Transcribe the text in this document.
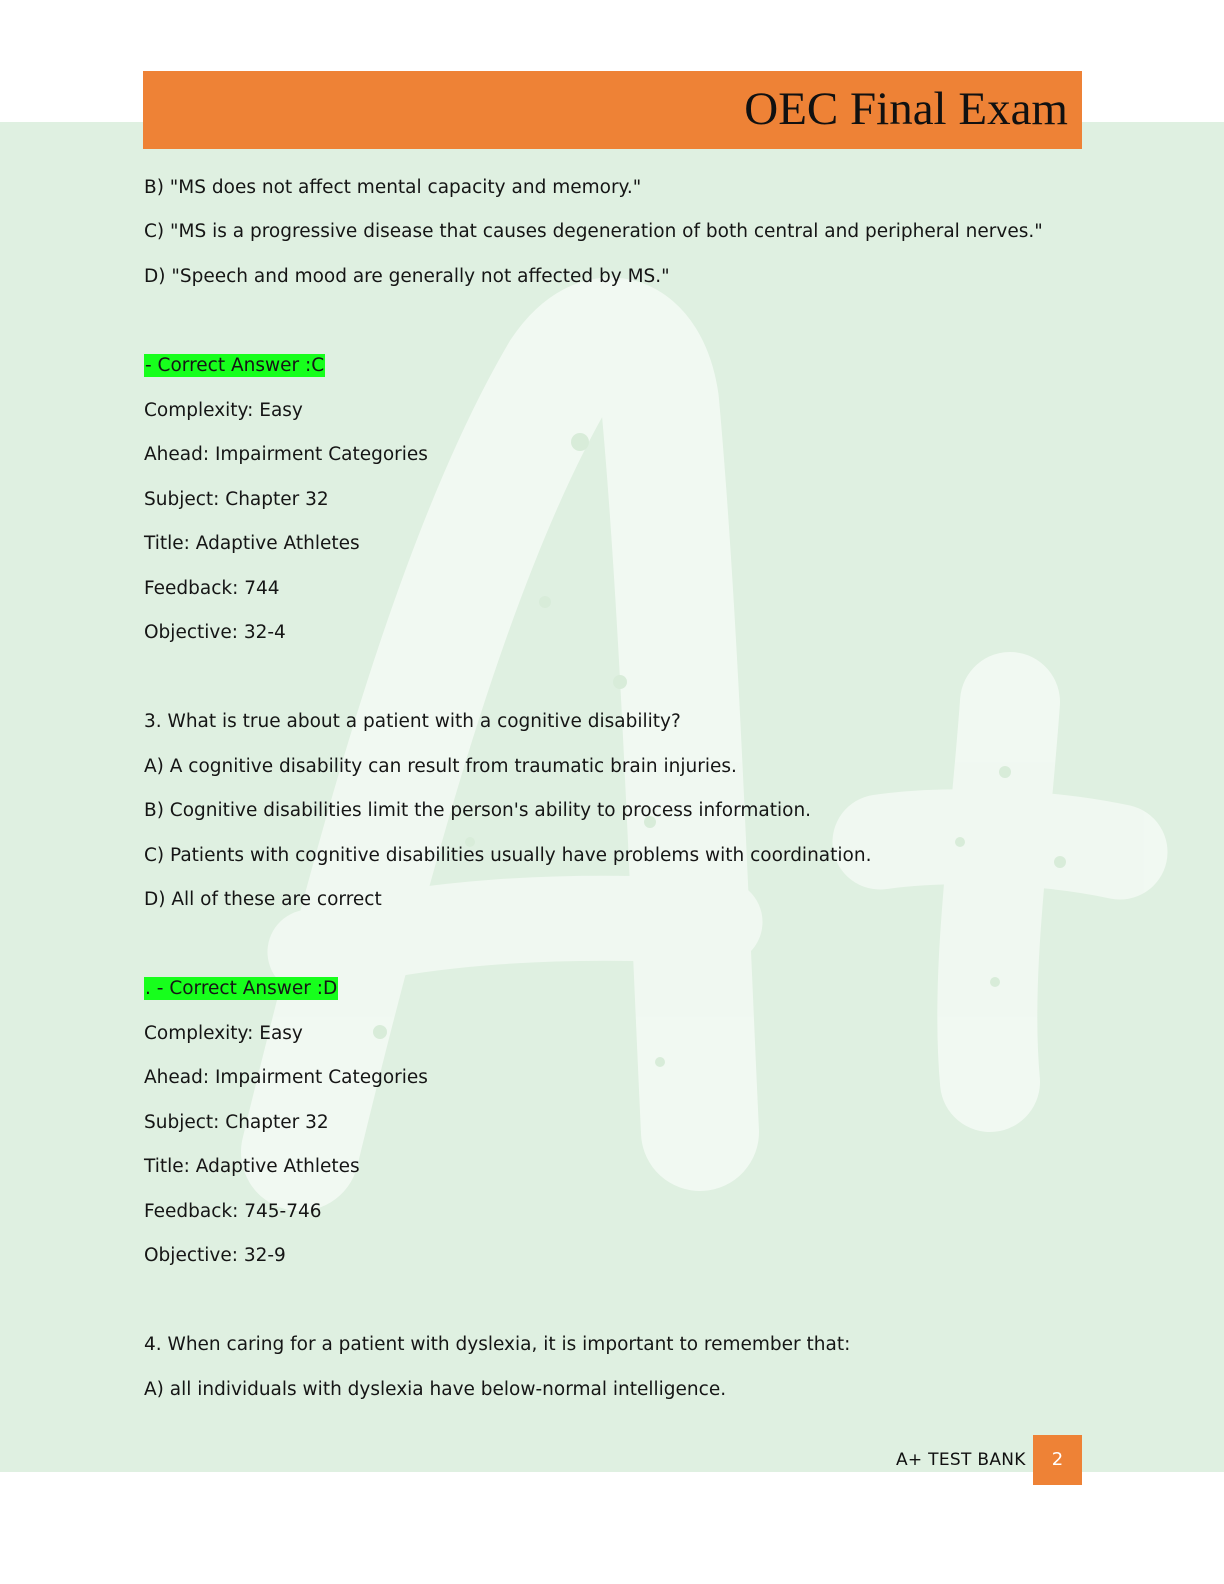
OEC Final Exam

B) "MS does not affect mental capacity and memory."

C) "MS is a progressive disease that causes degeneration of both central and peripheral nerves."

D) "Speech and mood are generally not affected by MS."

- Correct Answer :C

Complexity: Easy

Ahead: Impairment Categories

Subject: Chapter 32

Title: Adaptive Athletes

Feedback: 744

Objective: 32-4

3. What is true about a patient with a cognitive disability?

A) A cognitive disability can result from traumatic brain injuries.

B) Cognitive disabilities limit the person's ability to process information.

C) Patients with cognitive disabilities usually have problems with coordination.

D) All of these are correct

. - Correct Answer :D

Complexity: Easy

Ahead: Impairment Categories

Subject: Chapter 32

Title: Adaptive Athletes

Feedback: 745-746

Objective: 32-9

4. When caring for a patient with dyslexia, it is important to remember that:

A) all individuals with dyslexia have below-normal intelligence.

A+ TEST BANK	2
